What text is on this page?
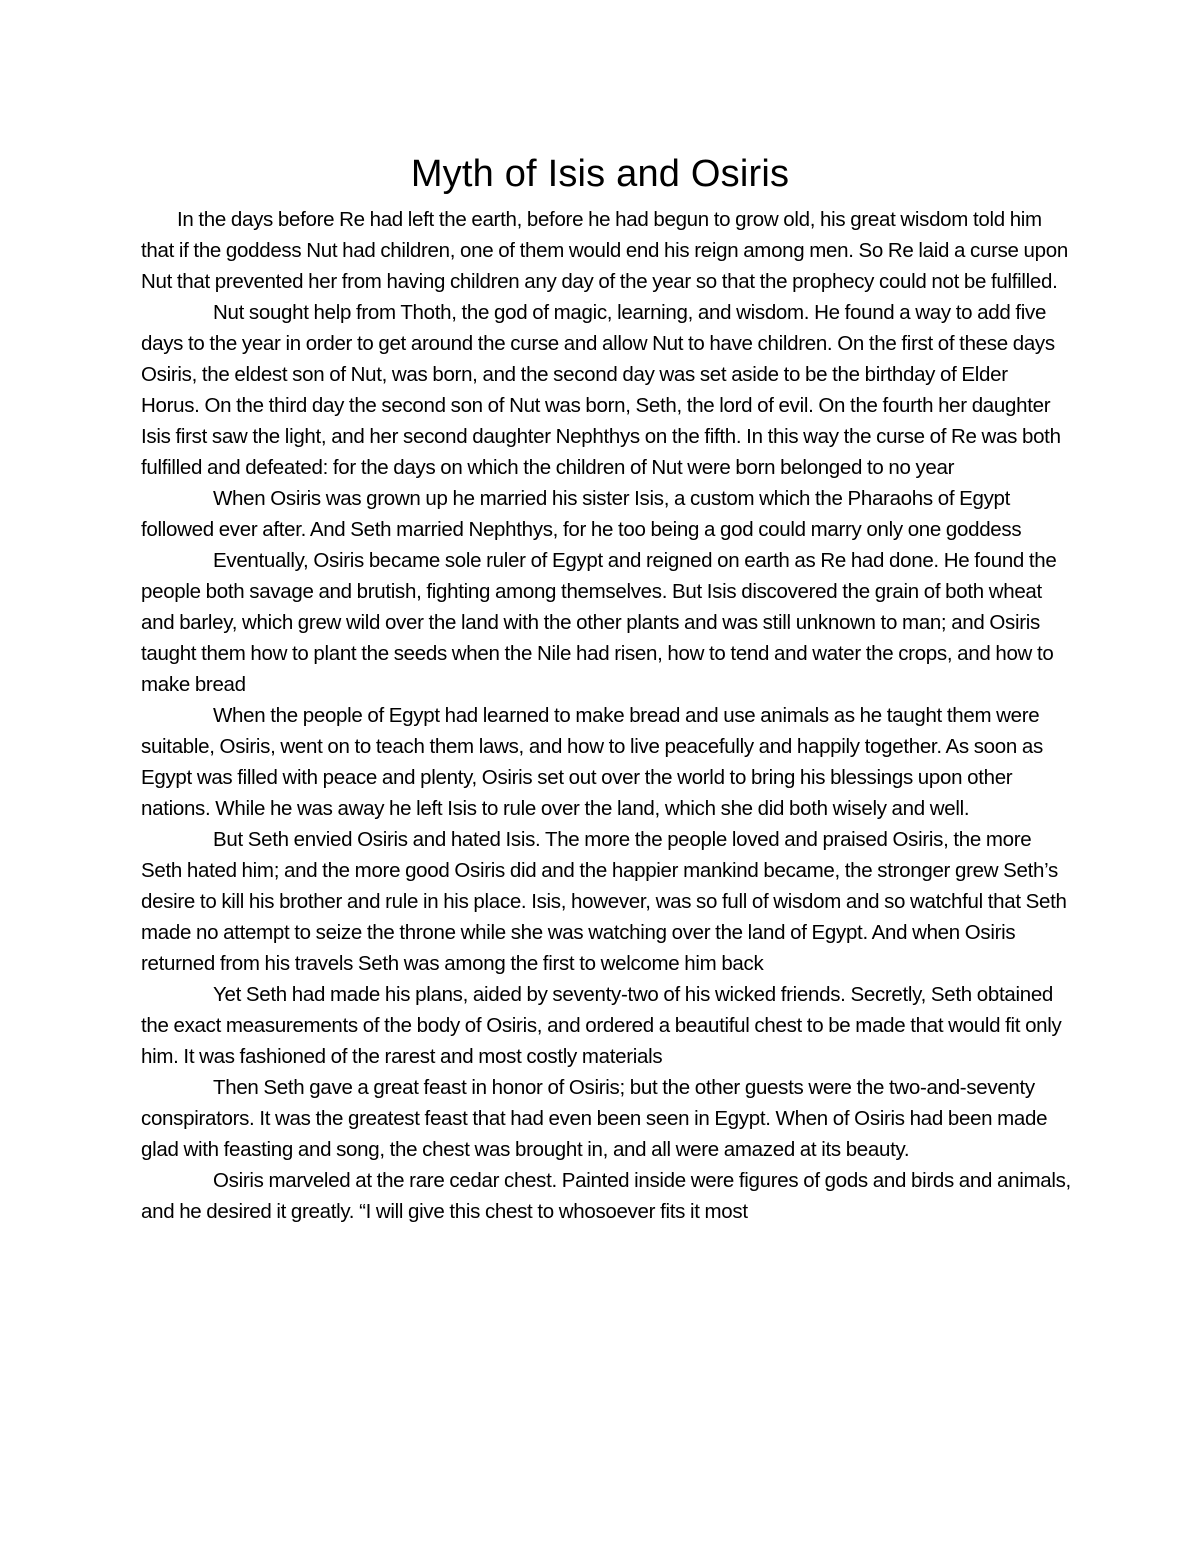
Myth of Isis and Osiris

In the days before Re had left the earth, before he had begun to grow old, his great wisdom told him that if the goddess Nut had children, one of them would end his reign among men. So Re laid a curse upon Nut that prevented her from having children any day of the year so that the prophecy could not be fulfilled.

Nut sought help from Thoth, the god of magic, learning, and wisdom. He found a way to add five days to the year in order to get around the curse and allow Nut to have children. On the first of these days Osiris, the eldest son of Nut, was born, and the second day was set aside to be the birthday of Elder Horus. On the third day the second son of Nut was born, Seth, the lord of evil. On the fourth her daughter Isis first saw the light, and her second daughter Nephthys on the fifth. In this way the curse of Re was both fulfilled and defeated: for the days on which the children of Nut were born belonged to no year

When Osiris was grown up he married his sister Isis, a custom which the Pharaohs of Egypt followed ever after. And Seth married Nephthys, for he too being a god could marry only one goddess

Eventually, Osiris became sole ruler of Egypt and reigned on earth as Re had done. He found the people both savage and brutish, fighting among themselves. But Isis discovered the grain of both wheat and barley, which grew wild over the land with the other plants and was still unknown to man; and Osiris taught them how to plant the seeds when the Nile had risen, how to tend and water the crops, and how to make bread

When the people of Egypt had learned to make bread and use animals as he taught them were suitable, Osiris, went on to teach them laws, and how to live peacefully and happily together. As soon as Egypt was filled with peace and plenty, Osiris set out over the world to bring his blessings upon other nations. While he was away he left Isis to rule over the land, which she did both wisely and well.

But Seth envied Osiris and hated Isis. The more the people loved and praised Osiris, the more Seth hated him; and the more good Osiris did and the happier mankind became, the stronger grew Seth’s desire to kill his brother and rule in his place. Isis, however, was so full of wisdom and so watchful that Seth made no attempt to seize the throne while she was watching over the land of Egypt. And when Osiris returned from his travels Seth was among the first to welcome him back

Yet Seth had made his plans, aided by seventy-two of his wicked friends. Secretly, Seth obtained the exact measurements of the body of Osiris, and ordered a beautiful chest to be made that would fit only him. It was fashioned of the rarest and most costly materials

Then Seth gave a great feast in honor of Osiris; but the other guests were the two-and-seventy conspirators. It was the greatest feast that had even been seen in Egypt. When of Osiris had been made glad with feasting and song, the chest was brought in, and all were amazed at its beauty.

Osiris marveled at the rare cedar chest. Painted inside were figures of gods and birds and animals, and he desired it greatly. “I will give this chest to whosoever fits it most
